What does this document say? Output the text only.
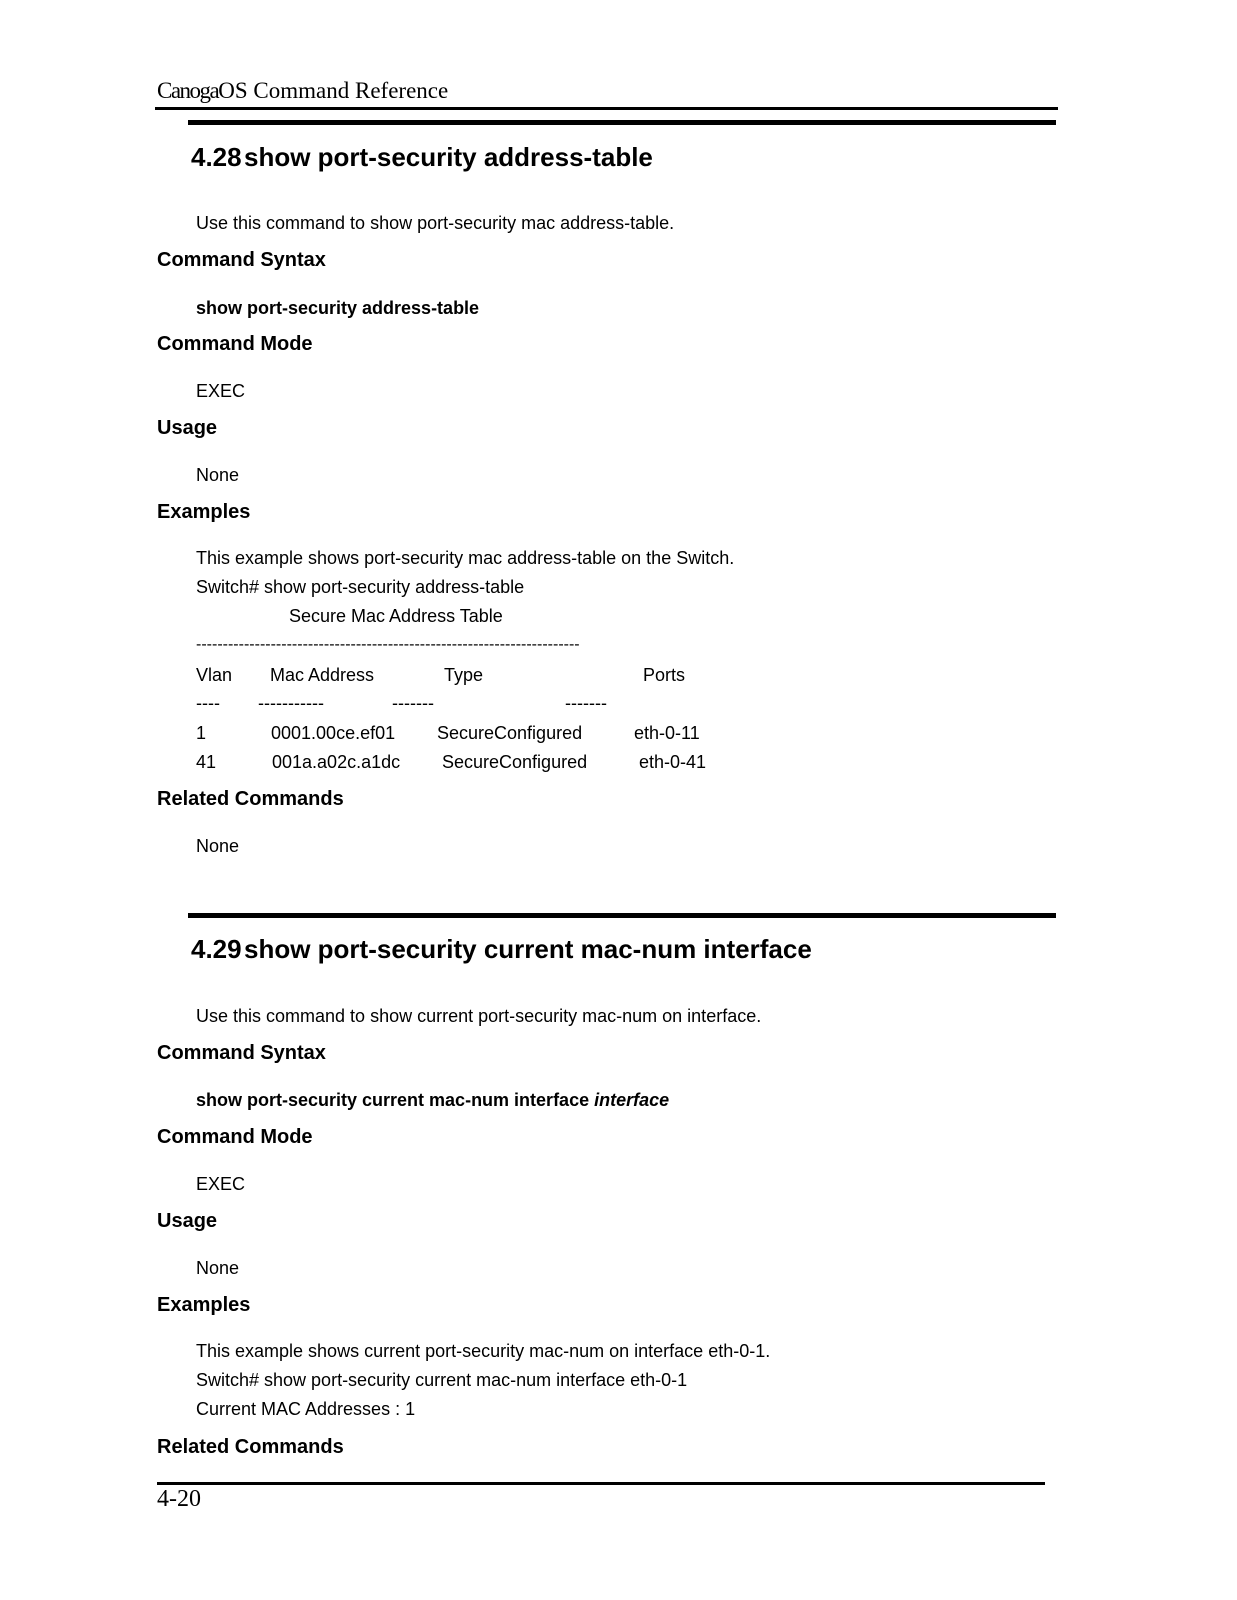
CanogaOS Command Reference
4.28show port-security address-table
Use this command to show port-security mac address-table.
Command Syntax
show port-security address-table
Command Mode
EXEC
Usage
None
Examples
This example shows port-security mac address-table on the Switch.
Switch# show port-security address-table
Secure Mac Address Table
------------------------------------------------------------------------
Vlan Mac Address	Type	Ports
---- -----------	-------	-------
1	0001.00ce.ef01 SecureConfigured	eth-0-11
41	001a.a02c.a1dc SecureConfigured	eth-0-41
Related Commands
None
4.29show port-security current mac-num interface
Use this command to show current port-security mac-num on interface.
Command Syntax
show port-security current mac-num interface interface
Command Mode
EXEC
Usage
None
Examples
This example shows current port-security mac-num on interface eth-0-1.
Switch# show port-security current mac-num interface eth-0-1
Current MAC Addresses : 1
Related Commands
4-20
